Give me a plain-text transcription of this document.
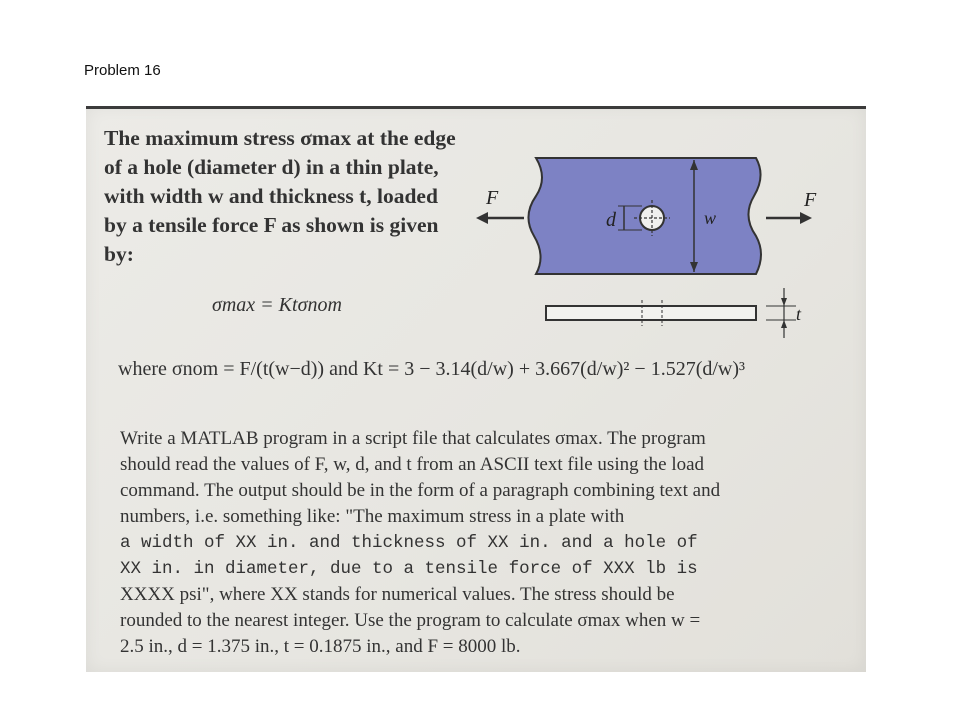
Problem 16
The maximum stress σmax at the edge
of a hole (diameter d) in a thin plate,
with width w and thickness t, loaded
by a tensile force F as shown is given
by:
d	w
F	F
t
σmax = Ktσnom
where σnom = F/(t(w−d)) and Kt = 3 − 3.14(d/w) + 3.667(d/w)² − 1.527(d/w)³
Write a MATLAB program in a script file that calculates σmax. The program
should read the values of F, w, d, and t from an ASCII text file using the load
command. The output should be in the form of a paragraph combining text and
numbers, i.e. something like: "The maximum stress in a plate with
a width of XX in. and thickness of XX in. and a hole of
XX in. in diameter, due to a tensile force of XXX lb is
XXXX psi", where XX stands for numerical values. The stress should be
rounded to the nearest integer. Use the program to calculate σmax when w =
2.5 in., d = 1.375 in., t = 0.1875 in., and F = 8000 lb.
